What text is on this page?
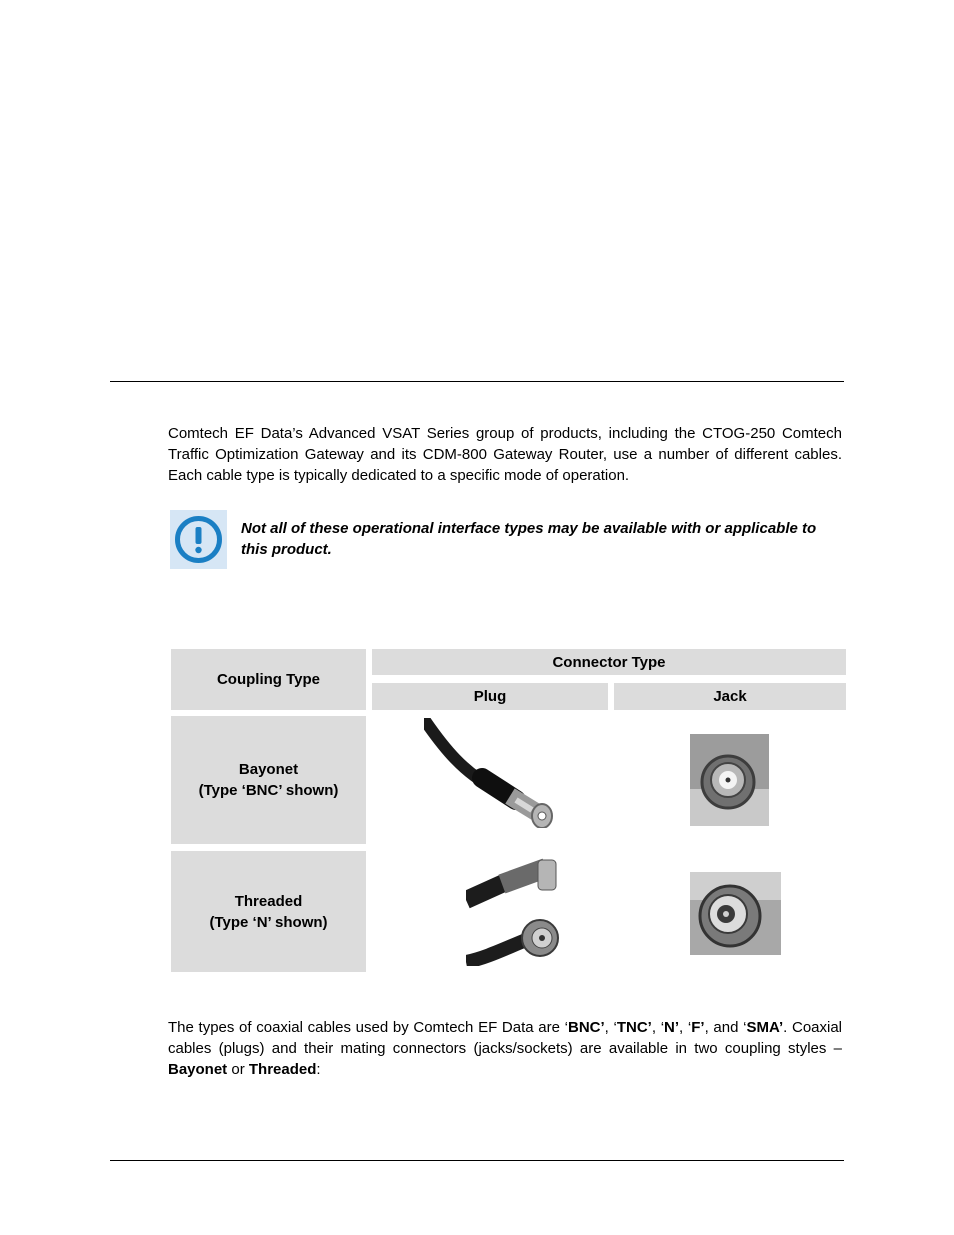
Comtech EF Data’s Advanced VSAT Series group of products, including the CTOG-250 Comtech Traffic Optimization Gateway and its CDM-800 Gateway Router, use a number of different cables. Each cable type is typically dedicated to a specific mode of operation.
Not all of these operational interface types may be available with or applicable to this product.
Coupling Type
Connector Type
Plug	Jack
Bayonet
(Type ‘BNC’ shown)
Threaded
(Type ‘N’ shown)
The types of coaxial cables used by Comtech EF Data are ‘BNC’, ‘TNC’, ‘N’, ‘F’, and ‘SMA’. Coaxial cables (plugs) and their mating connectors (jacks/sockets) are available in two coupling styles – Bayonet or Threaded:
